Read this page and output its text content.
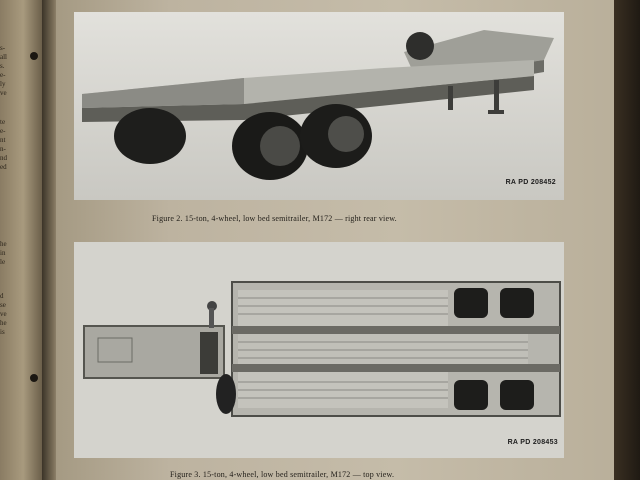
s-
all
s.
e-
ly
ve
te
e-
nt
n-
nd
ed
he
in
le
d
se
ve
he
is
RA PD 208452
Figure 2. 15-ton, 4-wheel, low bed semitrailer, M172 — right rear view.
RA PD 208453
Figure 3. 15-ton, 4-wheel, low bed semitrailer, M172 — top view.
